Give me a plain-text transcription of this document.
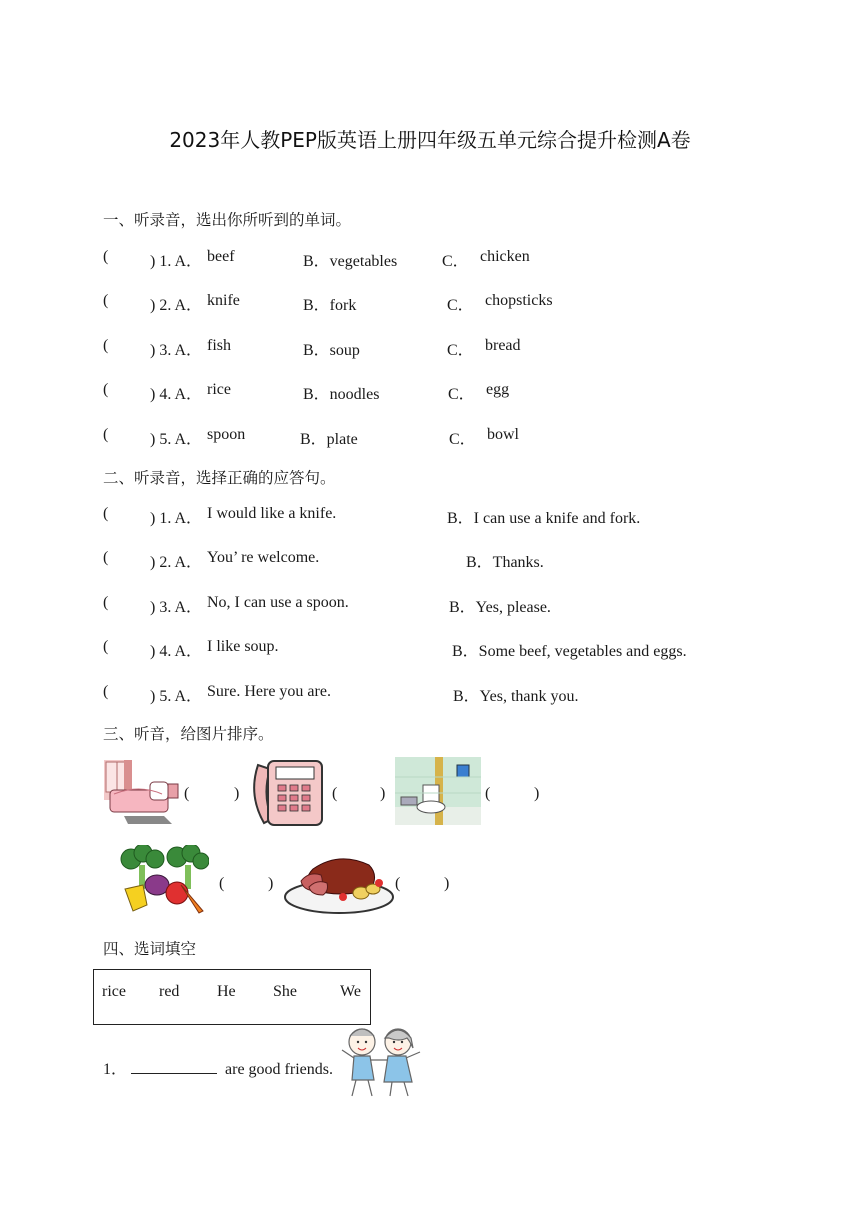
2023年人教PEP版英语上册四年级五单元综合提升检测A卷
一、听录音，选出你所听到的单词。
(	) 1. A． beef	B．vegetables	C． chicken
(	) 2. A． knife	B．fork	C． chopsticks
(	) 3. A． fish	B．soup	C． bread
(	) 4. A． rice	B．noodles	C． egg
(	) 5. A． spoon	B．plate	C． bowl
二、听录音，选择正确的应答句。
(	) 1. A． I would like a knife.	B．I can use a knife and fork.
(	) 2. A． You’ re welcome.	B．Thanks.
(	) 3. A． No, I can use a spoon.	B．Yes, please.
(	) 4. A． I like soup.	B．Some beef, vegetables and eggs.
(	) 5. A． Sure. Here you are.	B．Yes, thank you.
三、听音，给图片排序。
(	)	(	)	(	)
(	)	(	)
四、选词填空
rice red He She	We
1．	are good friends.
